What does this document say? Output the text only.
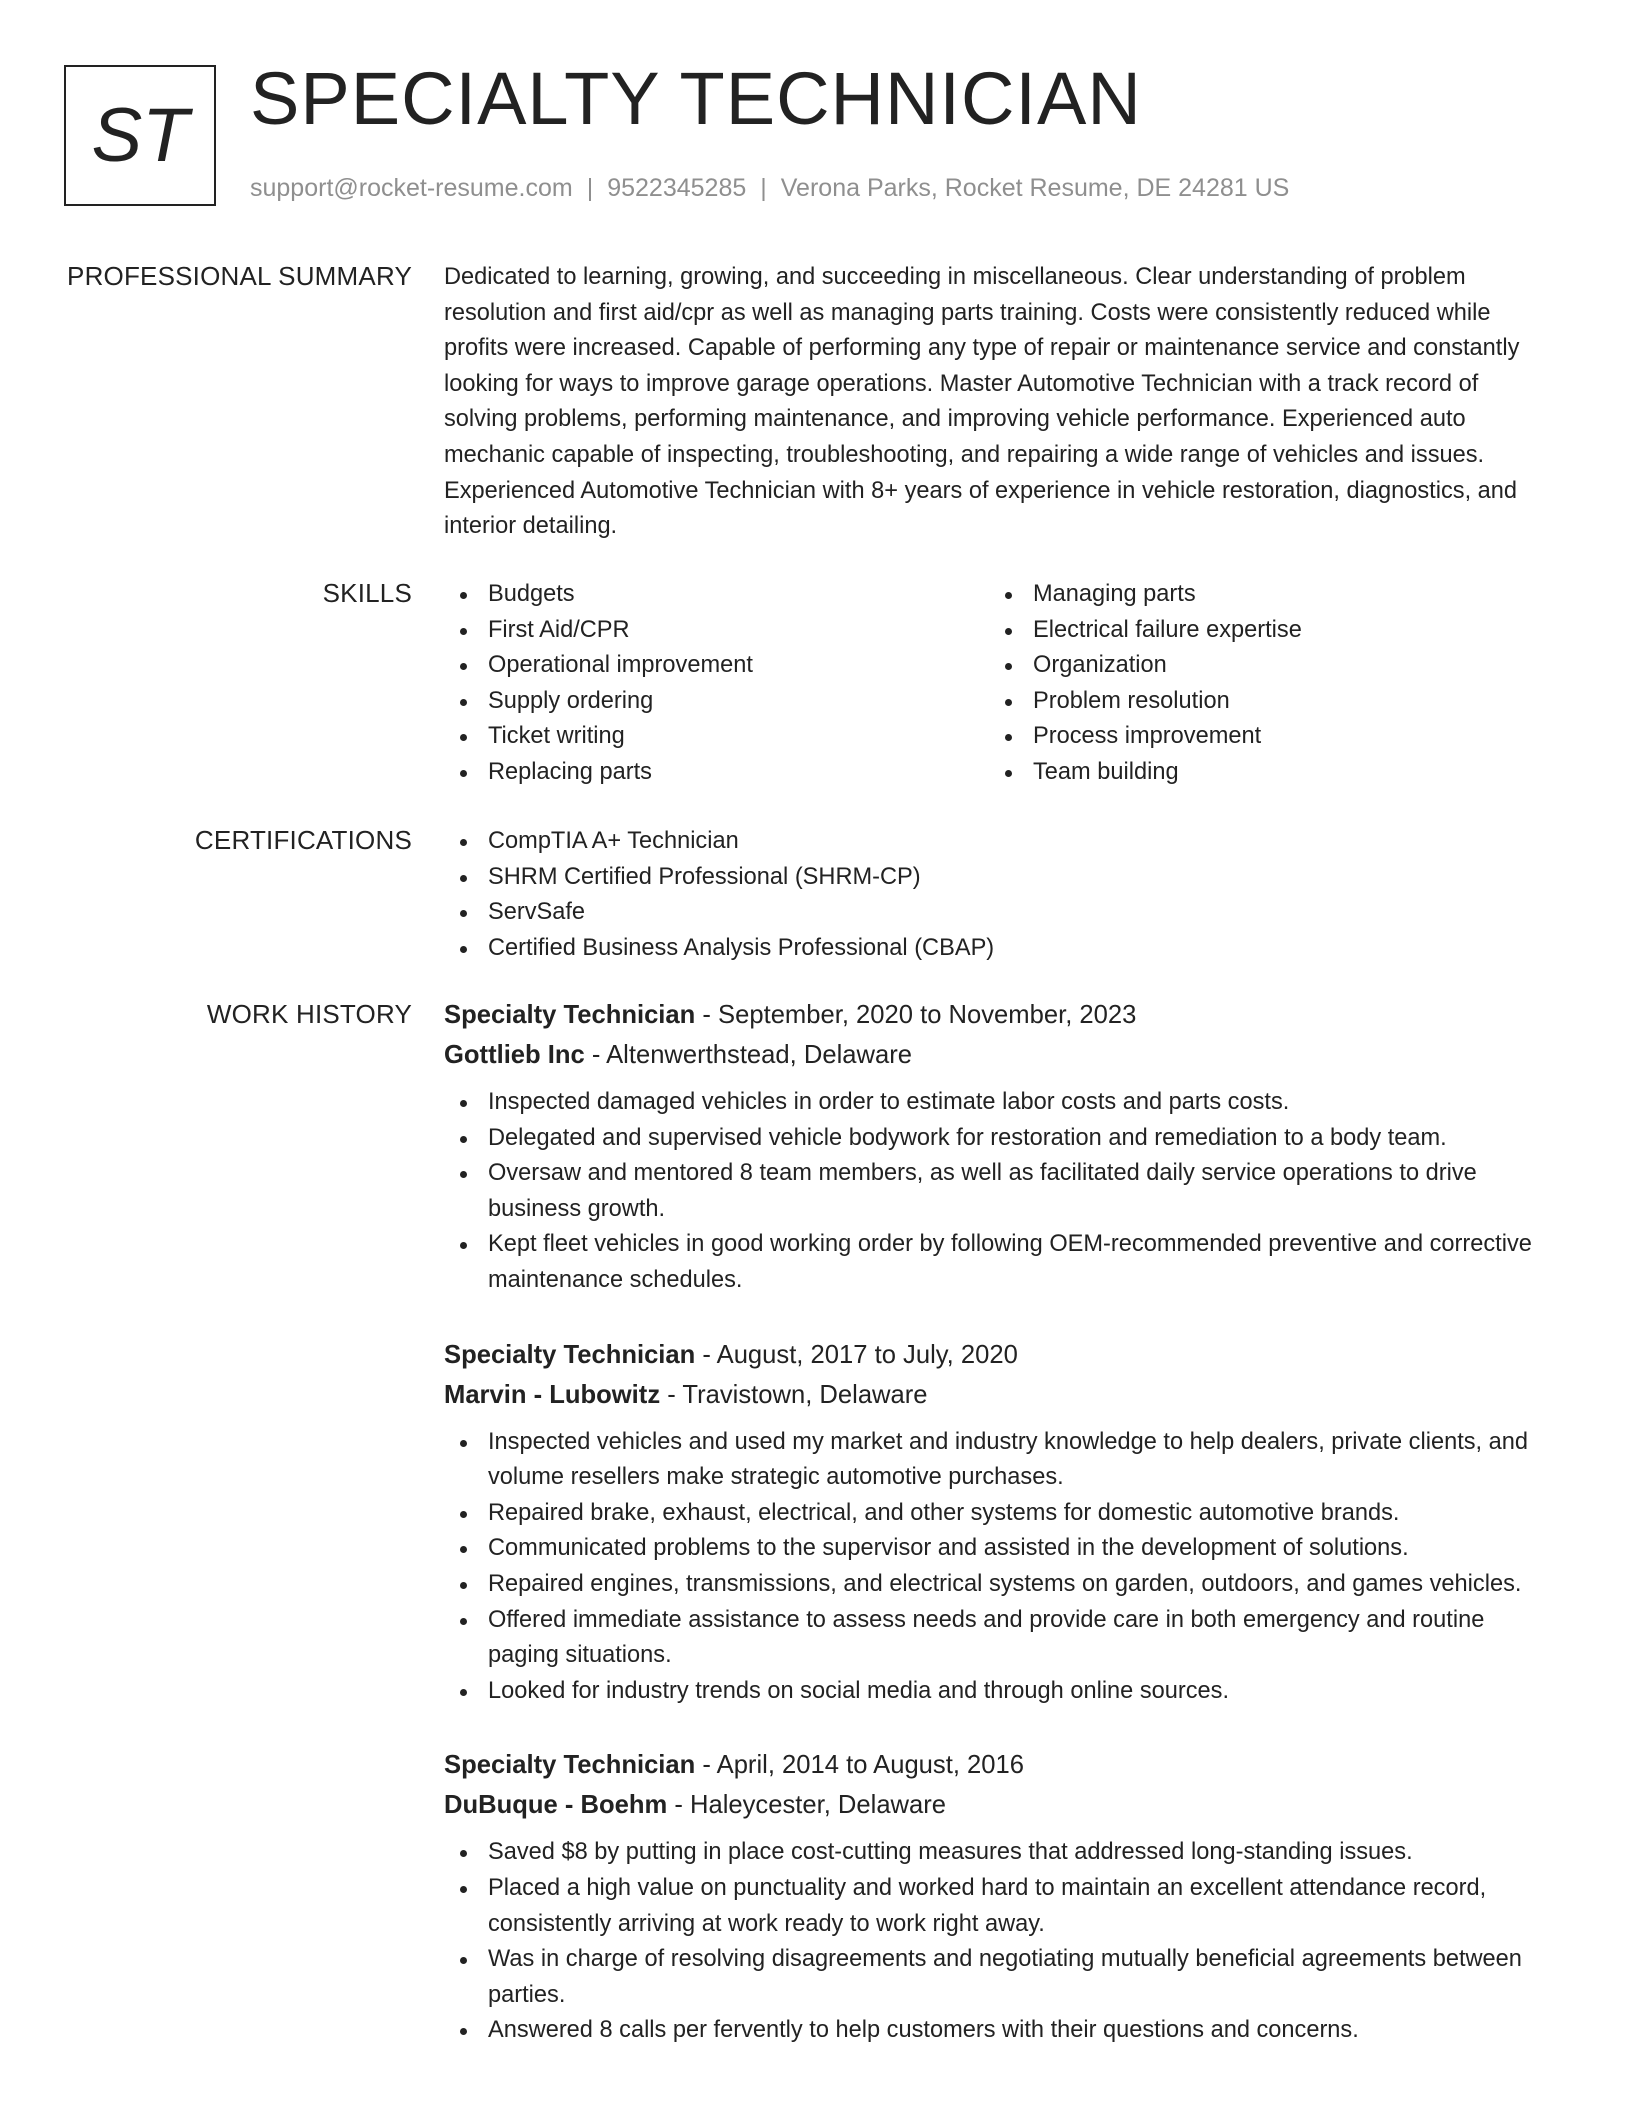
ST SPECIALTY TECHNICIAN
support@rocket-resume.com | 9522345285 | Verona Parks, Rocket Resume, DE 24281 US
PROFESSIONAL SUMMARY Dedicated to learning, growing, and succeeding in miscellaneous. Clear understanding of problem resolution and first aid/cpr as well as managing parts training. Costs were consistently reduced while profits were increased. Capable of performing any type of repair or maintenance service and constantly looking for ways to improve garage operations. Master Automotive Technician with a track record of solving problems, performing maintenance, and improving vehicle performance. Experienced auto mechanic capable of inspecting, troubleshooting, and repairing a wide range of vehicles and issues. Experienced Automotive Technician with 8+ years of experience in vehicle restoration, diagnostics, and interior detailing.

SKILLS	Budgets
First Aid/CPR
Operational improvement
Supply ordering
Ticket writing
Replacing parts
Managing parts
Electrical failure expertise
Organization
Problem resolution
Process improvement
Team building
CERTIFICATIONS	CompTIA A+ Technician
SHRM Certified Professional (SHRM-CP)
ServSafe
Certified Business Analysis Professional (CBAP)
WORK HISTORY Specialty Technician - September, 2020 to November, 2023
Gottlieb Inc - Altenwerthstead, Delaware
Inspected damaged vehicles in order to estimate labor costs and parts costs.
Delegated and supervised vehicle bodywork for restoration and remediation to a body team.
Oversaw and mentored 8 team members, as well as facilitated daily service operations to drive business growth.
Kept fleet vehicles in good working order by following OEM-recommended preventive and corrective maintenance schedules.
Specialty Technician - August, 2017 to July, 2020
Marvin - Lubowitz - Travistown, Delaware
Inspected vehicles and used my market and industry knowledge to help dealers, private clients, and volume resellers make strategic automotive purchases.
Repaired brake, exhaust, electrical, and other systems for domestic automotive brands.
Communicated problems to the supervisor and assisted in the development of solutions.
Repaired engines, transmissions, and electrical systems on garden, outdoors, and games vehicles.
Offered immediate assistance to assess needs and provide care in both emergency and routine paging situations.
Looked for industry trends on social media and through online sources.
Specialty Technician - April, 2014 to August, 2016
DuBuque - Boehm - Haleycester, Delaware
Saved $8 by putting in place cost-cutting measures that addressed long-standing issues.
Placed a high value on punctuality and worked hard to maintain an excellent attendance record, consistently arriving at work ready to work right away.
Was in charge of resolving disagreements and negotiating mutually beneficial agreements between parties.
Answered 8 calls per fervently to help customers with their questions and concerns.
